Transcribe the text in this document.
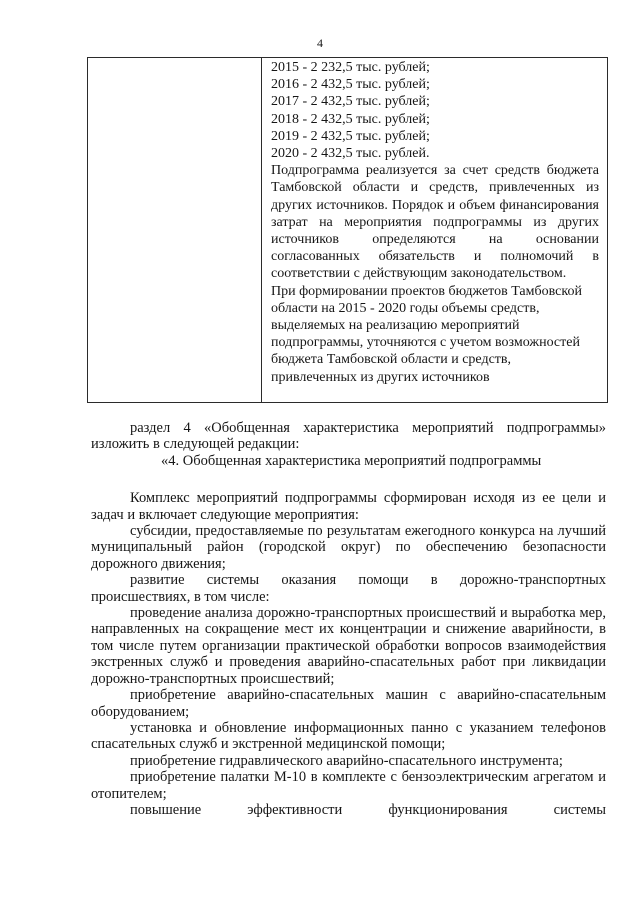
4
2015 - 2 232,5 тыс. рублей;
2016 - 2 432,5 тыс. рублей;
2017 - 2 432,5 тыс. рублей;
2018 - 2 432,5 тыс. рублей;
2019 - 2 432,5 тыс. рублей;
2020 - 2 432,5 тыс. рублей.

Подпрограмма реализуется за счет средств бюджета Тамбовской области и средств, привлеченных из других источников. Порядок и объем финансирования затрат на мероприятия подпрограммы из других источников определяются на основании согласованных обязательств и полномочий в соответствии с действующим законодательством.

При формировании проектов бюджетов Тамбовской области на 2015 - 2020 годы объемы средств, выделяемых на реализацию мероприятий подпрограммы, уточняются с учетом возможностей бюджета Тамбовской области и средств, привлеченных из других источников

раздел 4 «Обобщенная характеристика мероприятий подпрограммы» изложить в следующей редакции:

«4. Обобщенная характеристика мероприятий подпрограммы

Комплекс мероприятий подпрограммы сформирован исходя из ее цели и задач и включает следующие мероприятия:

субсидии, предоставляемые по результатам ежегодного конкурса на лучший муниципальный район (городской округ) по обеспечению безопасности дорожного движения;

развитие системы оказания помощи в дорожно-транспортных происшествиях, в том числе:

проведение анализа дорожно-транспортных происшествий и выработка мер, направленных на сокращение мест их концентрации и снижение аварийности, в том числе путем организации практической обработки вопросов взаимодействия экстренных служб и проведения аварийно-спасательных работ при ликвидации дорожно-транспортных происшествий;

приобретение аварийно-спасательных машин с аварийно-спасательным оборудованием;

установка и обновление информационных панно с указанием телефонов спасательных служб и экстренной медицинской помощи;

приобретение гидравлического аварийно-спасательного инструмента;

приобретение палатки М-10 в комплекте с бензоэлектрическим агрегатом и отопителем;

повышение эффективности функционирования системы
